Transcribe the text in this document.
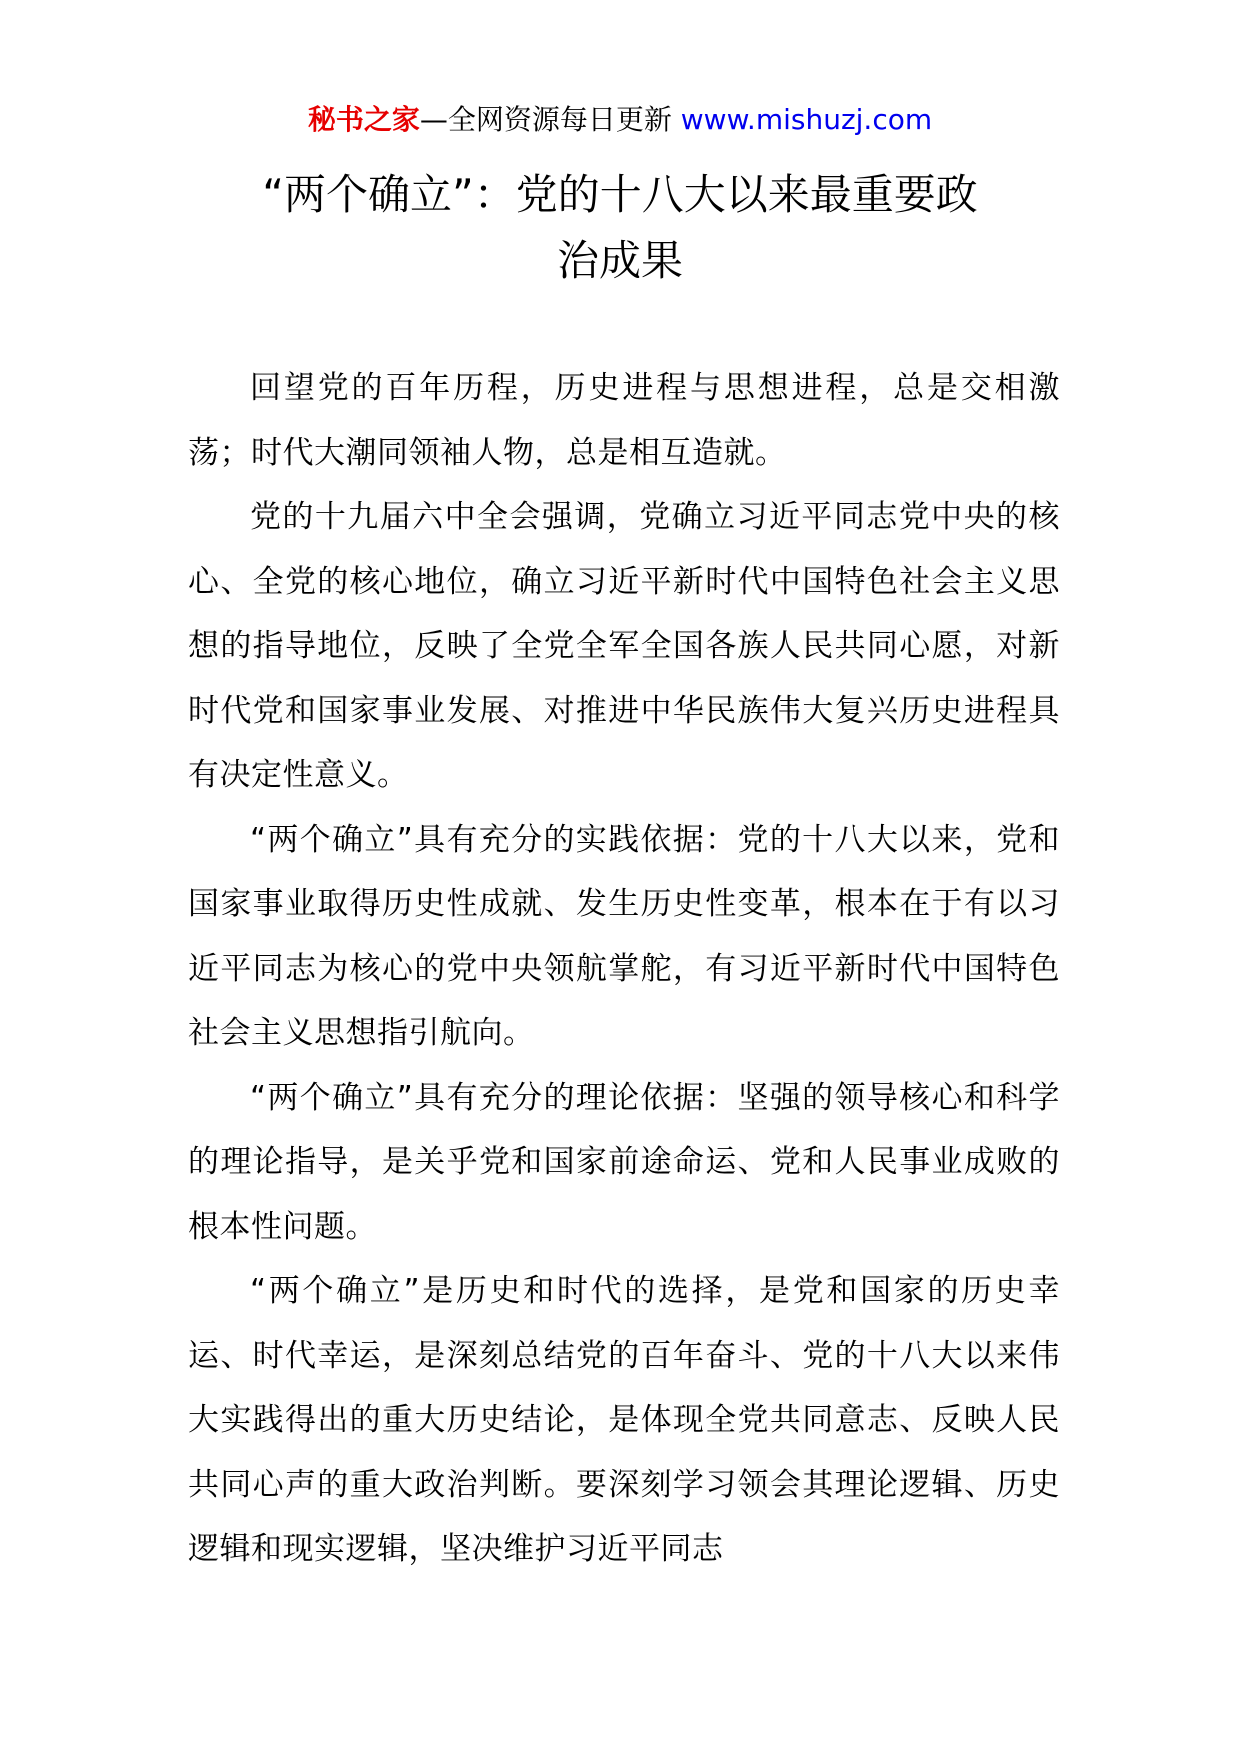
秘书之家—全网资源每日更新 www.mishuzj.com
“两个确立”：党的十八大以来最重要政
治成果

回望党的百年历程，历史进程与思想进程，总是交相激荡；时代大潮同领袖人物，总是相互造就。

党的十九届六中全会强调，党确立习近平同志党中央的核心、全党的核心地位，确立习近平新时代中国特色社会主义思想的指导地位，反映了全党全军全国各族人民共同心愿，对新时代党和国家事业发展、对推进中华民族伟大复兴历史进程具有决定性意义。

“两个确立”具有充分的实践依据：党的十八大以来，党和国家事业取得历史性成就、发生历史性变革，根本在于有以习近平同志为核心的党中央领航掌舵，有习近平新时代中国特色社会主义思想指引航向。

“两个确立”具有充分的理论依据：坚强的领导核心和科学的理论指导，是关乎党和国家前途命运、党和人民事业成败的根本性问题。

“两个确立”是历史和时代的选择，是党和国家的历史幸运、时代幸运，是深刻总结党的百年奋斗、党的十八大以来伟大实践得出的重大历史结论，是体现全党共同意志、反映人民共同心声的重大政治判断。要深刻学习领会其理论逻辑、历史逻辑和现实逻辑，坚决维护习近平同志
